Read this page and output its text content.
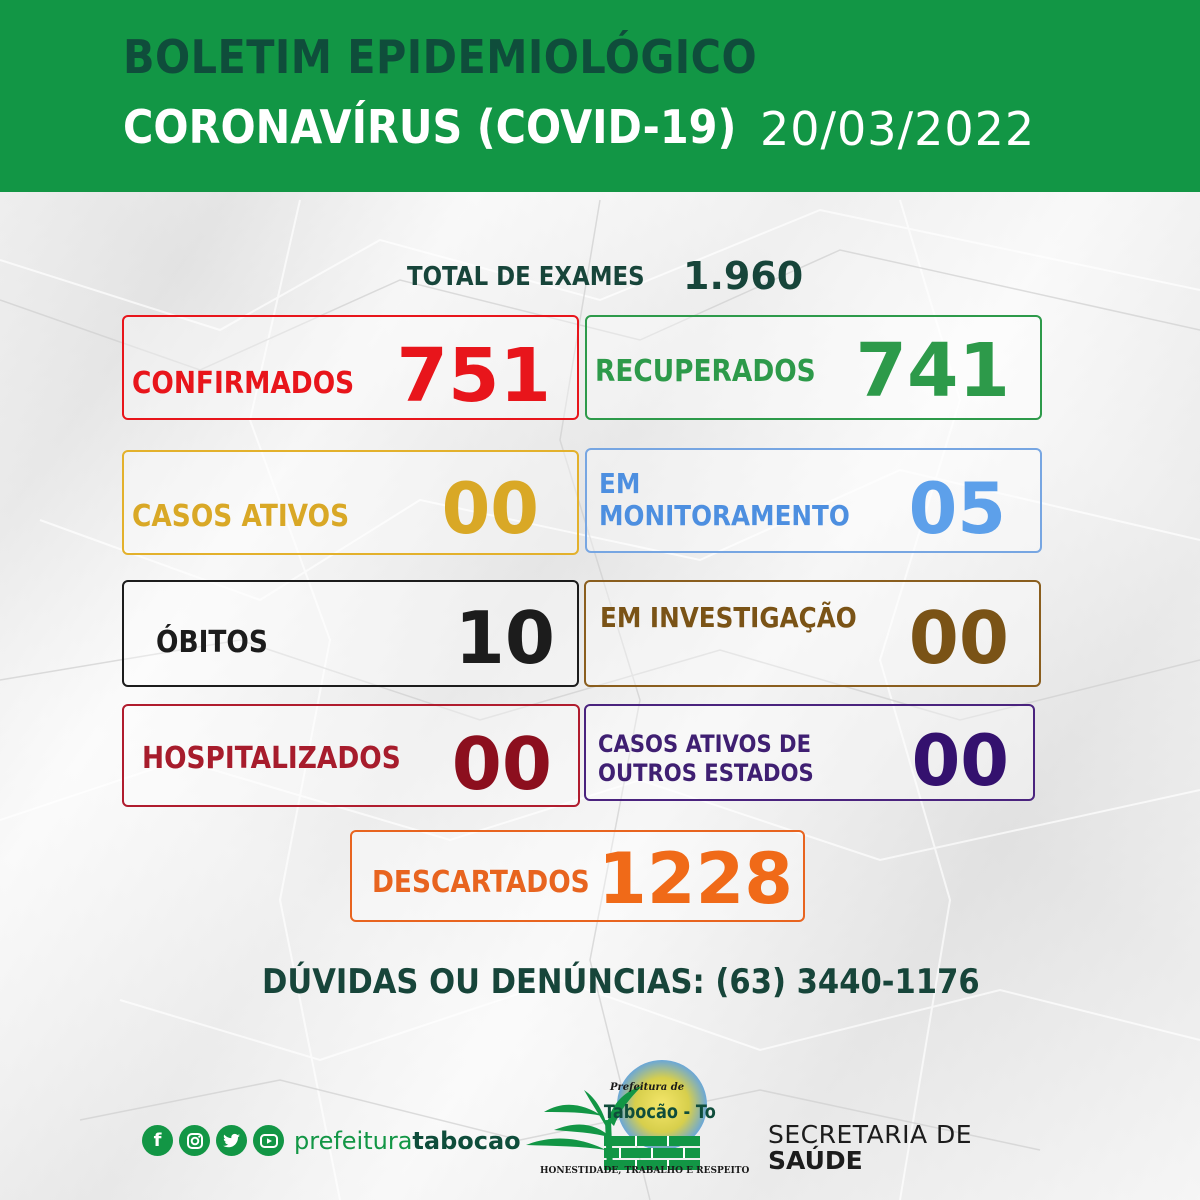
BOLETIM EPIDEMIOLÓGICO
CORONAVÍRUS (COVID-19) 20/03/2022
TOTAL DE EXAMES 1.960
CONFIRMADOS 751 RECUPERADOS 741
CASOS ATIVOS 00 EM MONITORAMENTO 05
ÓBITOS	10 EM INVESTIGAÇÃO 00
HOSPITALIZADOS 00 CASOS ATIVOS DE OUTROS ESTADOS	00
DESCARTADOS 1228
DÚVIDAS OU DENÚNCIAS: (63) 3440-1176
f	prefeituratabocao
Prefeitura de
Tabocão - To
HONESTIDADE, TRABALHO E RESPEITO
SECRETARIA DE
SAÚDE
